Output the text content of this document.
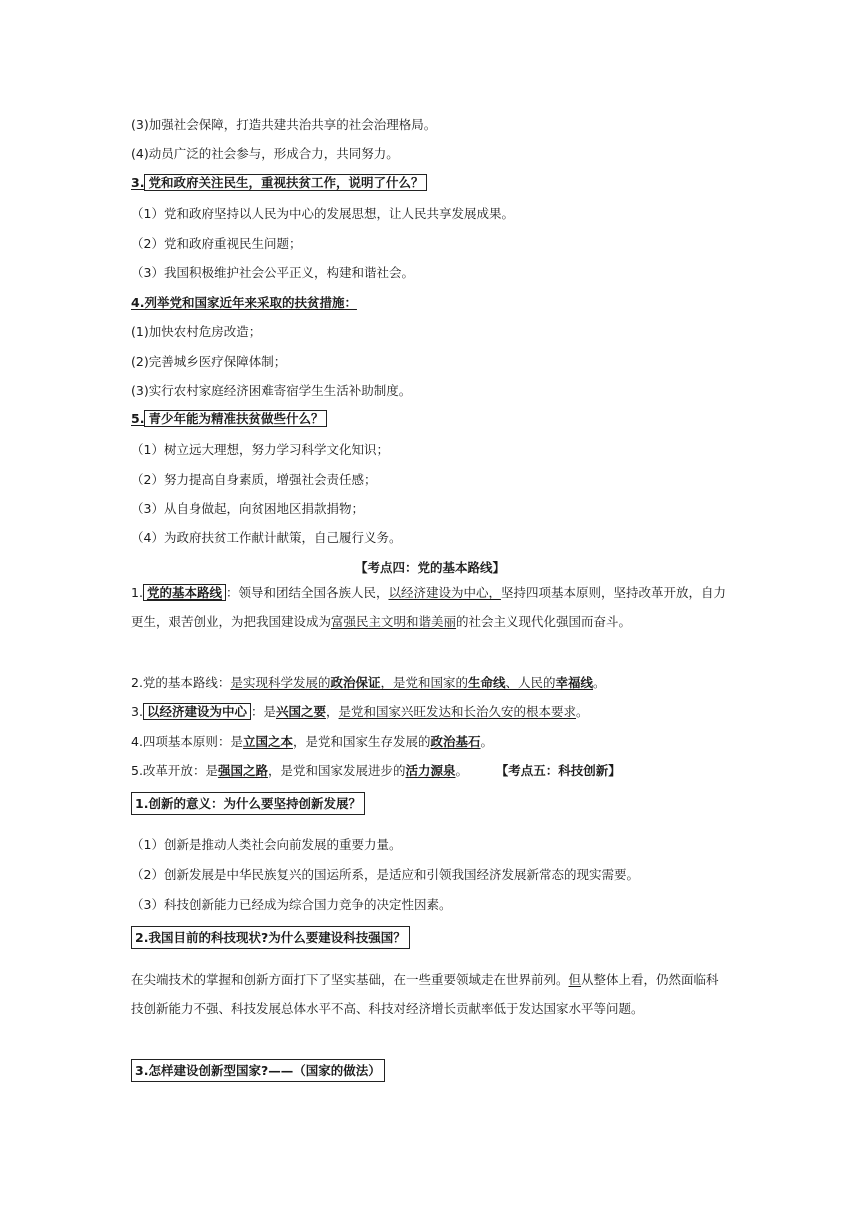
(3)加强社会保障，打造共建共治共享的社会治理格局。
(4)动员广泛的社会参与，形成合力，共同努力。
3. 党和政府关注民生，重视扶贫工作，说明了什么？
（1）党和政府坚持以人民为中心的发展思想，让人民共享发展成果。
（2）党和政府重视民生问题；
（3）我国积极维护社会公平正义，构建和谐社会。
4.列举党和国家近年来采取的扶贫措施：
(1)加快农村危房改造；
(2)完善城乡医疗保障体制；
(3)实行农村家庭经济困难寄宿学生生活补助制度。
5. 青少年能为精准扶贫做些什么？
（1）树立远大理想，努力学习科学文化知识；
（2）努力提高自身素质，增强社会责任感；
（3）从自身做起，向贫困地区捐款捐物；
（4）为政府扶贫工作献计献策，自己履行义务。
【考点四：党的基本路线】
1. 党的基本路线 ：领导和团结全国各族人民，以经济建设为中心，坚持四项基本原则，坚持改革开放，自力更生，艰苦创业，为把我国建设成为富强民主文明和谐美丽的社会主义现代化强国而奋斗。
2.党的基本路线：是实现科学发展的政治保证，是党和国家的生命线、人民的幸福线。
3. 以经济建设为中心 ：是兴国之要，是党和国家兴旺发达和长治久安的根本要求。
4.四项基本原则：是立国之本，是党和国家生存发展的政治基石。
5.改革开放：是强国之路，是党和国家发展进步的活力源泉。	【考点五：科技创新】
1.创新的意义：为什么要坚持创新发展？
（1）创新是推动人类社会向前发展的重要力量。
（2）创新发展是中华民族复兴的国运所系，是适应和引领我国经济发展新常态的现实需要。
（3）科技创新能力已经成为综合国力竞争的决定性因素。
2.我国目前的科技现状?为什么要建设科技强国？
在尖端技术的掌握和创新方面打下了坚实基础，在一些重要领域走在世界前列。但从整体上看，仍然面临科技创新能力不强、科技发展总体水平不高、科技对经济增长贡献率低于发达国家水平等问题。
3.怎样建设创新型国家?——（国家的做法）
